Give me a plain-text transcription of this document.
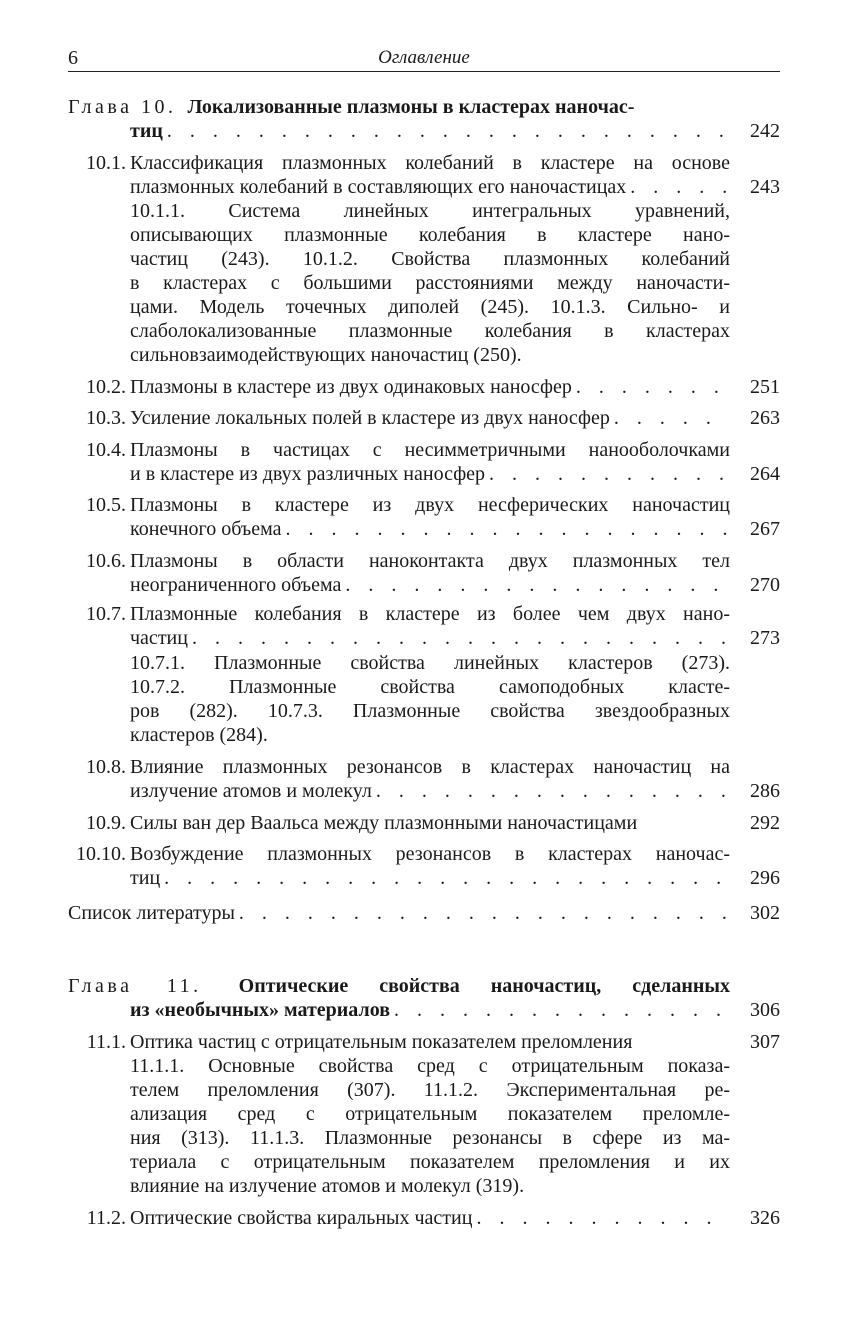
6	Оглавление
Глава 10. Локализованные плазмоны в кластерах наночас-
тиц . . .	242
10.1. Классификация плазмонных колебаний в кластере на основе
плазмонных колебаний в составляющих его наночастицах . . .	243
10.1.1. Система линейных интегральных уравнений,
описывающих плазмонные колебания в кластере нано-
частиц (243). 10.1.2. Свойства плазмонных колебаний
в кластерах с большими расстояниями между наночасти-
цами. Модель точечных диполей (245). 10.1.3. Сильно- и
слаболокализованные плазмонные колебания в кластерах
сильновзаимодействующих наночастиц (250).
10.2. Плазмоны в кластере из двух одинаковых наносфер . . .	251
10.3. Усиление локальных полей в кластере из двух наносфер . . .	263
10.4. Плазмоны в частицах с несимметричными нанооболочками
и в кластере из двух различных наносфер . . .	264
10.5. Плазмоны в кластере из двух несферических наночастиц
конечного объема . . .	267
10.6. Плазмоны в области наноконтакта двух плазмонных тел
неограниченного объема . . .	270
10.7. Плазмонные колебания в кластере из более чем двух нано-
частиц . . .	273
10.7.1. Плазмонные свойства линейных кластеров (273).
10.7.2. Плазмонные свойства самоподобных класте-
ров (282). 10.7.3. Плазмонные свойства звездообразных
кластеров (284).
10.8. Влияние плазмонных резонансов в кластерах наночастиц на
излучение атомов и молекул . . .	286
10.9. Силы ван дер Ваальса между плазмонными наночастицами	292
10.10. Возбуждение плазмонных резонансов в кластерах наночас-
тиц . . .	296
Список литературы . . .	302
Глава 11. Оптические свойства наночастиц, сделанных
из «необычных» материалов . . .	306
11.1. Оптика частиц с отрицательным показателем преломления	307
11.1.1. Основные свойства сред с отрицательным показа-
телем преломления (307). 11.1.2. Экспериментальная ре-
ализация сред с отрицательным показателем преломле-
ния (313). 11.1.3. Плазмонные резонансы в сфере из ма-
териала с отрицательным показателем преломления и их
влияние на излучение атомов и молекул (319).
11.2. Оптические свойства киральных частиц . . .	326
